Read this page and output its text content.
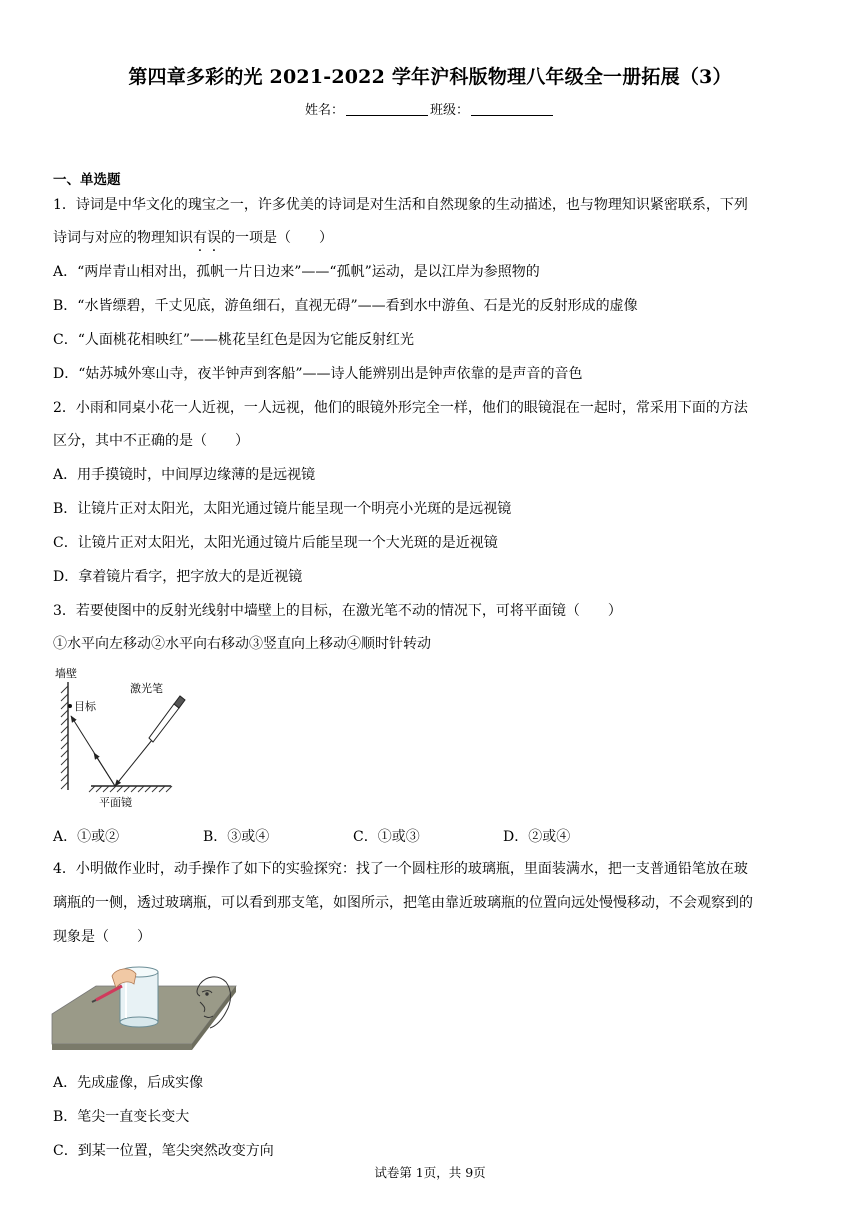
第四章多彩的光 2021-2022 学年沪科版物理八年级全一册拓展（3）
姓名：	班级：
一、单选题
1．诗词是中华文化的瑰宝之一，许多优美的诗词是对生活和自然现象的生动描述，也与物理知识紧密联系，下列
诗词与对应的物理知识有误的一项是（　　）
A．“两岸青山相对出，孤帆一片日边来”——“孤帆”运动，是以江岸为参照物的
B．“水皆缥碧，千丈见底，游鱼细石，直视无碍”——看到水中游鱼、石是光的反射形成的虚像
C．“人面桃花相映红”——桃花呈红色是因为它能反射红光
D．“姑苏城外寒山寺，夜半钟声到客船”——诗人能辨别出是钟声依靠的是声音的音色
2．小雨和同桌小花一人近视，一人远视，他们的眼镜外形完全一样，他们的眼镜混在一起时，常采用下面的方法
区分，其中不正确的是（　　）
A．用手摸镜时，中间厚边缘薄的是远视镜
B．让镜片正对太阳光，太阳光通过镜片能呈现一个明亮小光斑的是远视镜
C．让镜片正对太阳光，太阳光通过镜片后能呈现一个大光斑的是近视镜
D．拿着镜片看字，把字放大的是近视镜
3．若要使图中的反射光线射中墙壁上的目标，在激光笔不动的情况下，可将平面镜（　　）
①水平向左移动②水平向右移动③竖直向上移动④顺时针转动
墙壁
目标
平面镜
激光笔
A．①或②	B．③或④	C．①或③	D．②或④
4．小明做作业时，动手操作了如下的实验探究：找了一个圆柱形的玻璃瓶，里面装满水，把一支普通铅笔放在玻
璃瓶的一侧，透过玻璃瓶，可以看到那支笔，如图所示，把笔由靠近玻璃瓶的位置向远处慢慢移动，不会观察到的
现象是（　　）
A．先成虚像，后成实像
B．笔尖一直变长变大
C．到某一位置，笔尖突然改变方向
试卷第 1页，共 9页
